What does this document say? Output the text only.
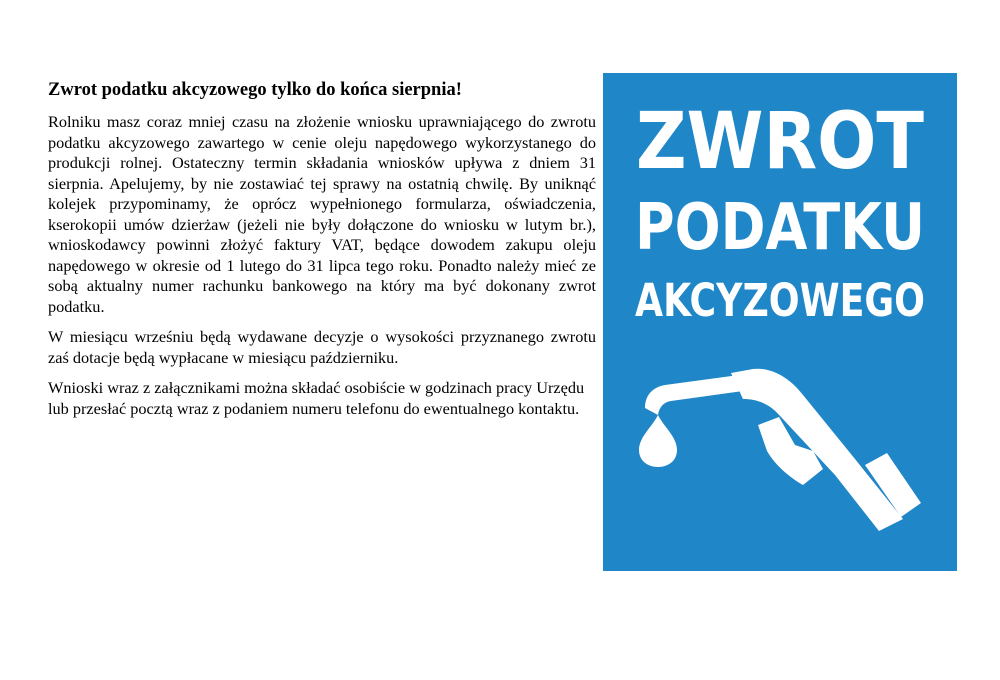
Zwrot podatku akcyzowego tylko do końca sierpnia!

Rolniku masz coraz mniej czasu na złożenie wniosku uprawniającego do zwrotu podatku akcyzowego zawartego w cenie oleju napędowego wykorzystanego do produkcji rolnej. Ostateczny termin składania wniosków upływa z dniem 31 sierpnia. Apelujemy, by nie zostawiać tej sprawy na ostatnią chwilę. By uniknąć kolejek przypominamy, że oprócz wypełnionego formularza, oświadczenia, kserokopii umów dzierżaw (jeżeli nie były dołączone do wniosku w lutym br.), wnioskodawcy powinni złożyć faktury VAT, będące dowodem zakupu oleju napędowego w okresie od 1 lutego do 31 lipca tego roku. Ponadto należy mieć ze sobą aktualny numer rachunku bankowego na który ma być dokonany zwrot podatku.

W miesiącu wrześniu będą wydawane decyzje o wysokości przyznanego zwrotu zaś dotacje będą wypłacane w miesiącu październiku.

Wnioski wraz z załącznikami można składać osobiście w godzinach pracy Urzędu lub przesłać pocztą wraz z podaniem numeru telefonu do ewentualnego kontaktu.

ZWROT
PODATKU
AKCYZOWEGO
